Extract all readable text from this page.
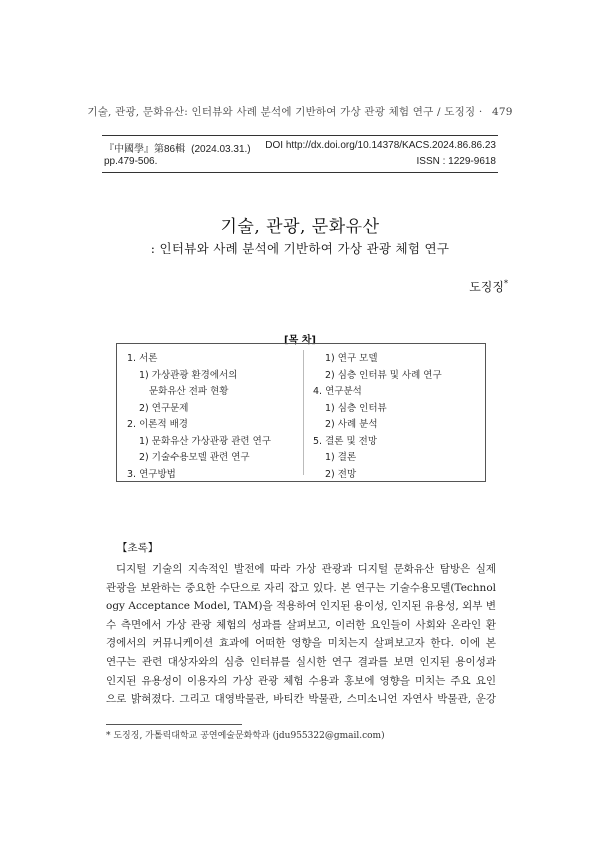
기술, 관광, 문화유산: 인터뷰와 사례 분석에 기반하여 가상 관광 체험 연구 / 도징징 · 479
『中國學』第86輯 (2024.03.31.)	DOI http://dx.doi.org/10.14378/KACS.2024.86.86.23
pp.479-506.	ISSN : 1229-9618
기술, 관광, 문화유산
: 인터뷰와 사례 분석에 기반하여 가상 관광 체험 연구
도징징*
[목 차]
1. 서론
1) 가상관광 환경에서의
문화유산 전파 현황
2) 연구문제
2. 이론적 배경
1) 문화유산 가상관광 관련 연구
2) 기술수용모델 관련 연구
3. 연구방법
1) 연구 모델
2) 심층 인터뷰 및 사례 연구
4. 연구분석
1) 심층 인터뷰
2) 사례 분석
5. 결론 및 전망
1) 결론
2) 전망
【초록】
디지털 기술의 지속적인 발전에 따라 가상 관광과 디지털 문화유산 탐방은 실제
관광을 보완하는 중요한 수단으로 자리 잡고 있다. 본 연구는 기술수용모델(Technol
ogy Acceptance Model, TAM)을 적용하여 인지된 용이성, 인지된 유용성, 외부 변
수 측면에서 가상 관광 체험의 성과를 살펴보고, 이러한 요인들이 사회와 온라인 환
경에서의 커뮤니케이션 효과에 어떠한 영향을 미치는지 살펴보고자 한다. 이에 본
연구는 관련 대상자와의 심층 인터뷰를 실시한 연구 결과를 보면 인지된 용이성과
인지된 유용성이 이용자의 가상 관광 체험 수용과 홍보에 영향을 미치는 주요 요인
으로 밝혀졌다. 그리고 대영박물관, 바티칸 박물관, 스미소니언 자연사 박물관, 운강
* 도징징, 가톨릭대학교 공연예술문화학과 (jdu955322@gmail.com)
